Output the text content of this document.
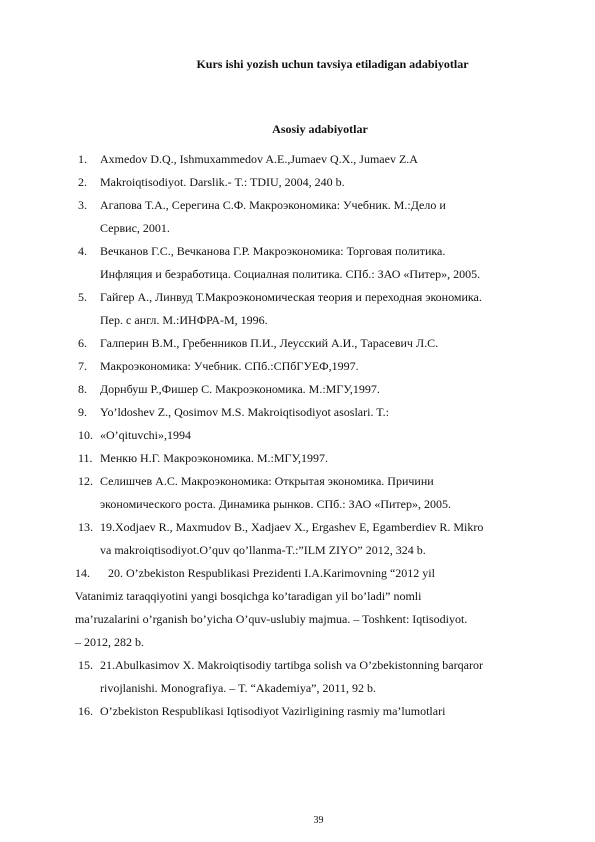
Kurs ishi yozish uchun tavsiya etiladigan adabiyotlar
Asosiy adabiyotlar
1.	Axmedov D.Q., Ishmuxammedov A.E.,Jumaev Q.X., Jumaev Z.A
2.	Makroiqtisodiyot. Darslik.- T.: TDIU, 2004, 240 b.
3.	Агапова Т.А., Серегина С.Ф. Макроэкономика: Учебник. М.:Дело и
Сервис, 2001.
4.	Вечканов Г.С., Вечканова Г.Р. Макроэкономика: Торговая политика.
Инфляция и безработица. Социалная политика. СПб.: ЗАО «Питер», 2005.
5.	Гайгер А., Линвуд Т.Макроэкономическая теория и переходная экономика.
Пер. с англ. М.:ИНФРА-М, 1996.
6.	Галперин В.М., Гребенников П.И., Леусский А.И., Тарасевич Л.С.
7.	Макроэкономика: Учебник. СПб.:СПбГУЕФ,1997.
8.	Дорнбуш Р.,Фишер С. Макроэкономика. М.:МГУ,1997.
9.	Yo’ldoshev Z., Qosimov M.S. Makroiqtisodiyot asoslari. T.:
10. «O’qituvchi»,1994
11. Менкю Н.Г. Макроэкономика. М.:МГУ,1997.
12. Селишчев А.С. Макроэкономика: Открытая экономика. Причини
экономического роста. Динамика рынков. СПб.: ЗАО «Питер», 2005.
13. 19.Xodjaev R., Maxmudov B., Xadjaev X., Ergashev E, Egamberdiev R. Mikro
va makroiqtisodiyot.O’quv qo’llanma-T.:”ILM ZIYO” 2012, 324 b.
14.      20. O’zbekiston Respublikasi Prezidenti I.A.Karimovning “2012 yil
Vatanimiz taraqqiyotini yangi bosqichga ko’taradigan yil bo’ladi” nomli
ma’ruzalarini o’rganish bo’yicha O’quv-uslubiy majmua. – Toshkent: Iqtisodiyot.
– 2012, 282 b.
15. 21.Abulkasimov X. Makroiqtisodiy tartibga solish va O’zbekistonning barqaror
rivojlanishi. Monografiya. – T. “Akademiya”, 2011, 92 b.
16. O’zbekiston Respublikasi Iqtisodiyot Vazirligining rasmiy ma’lumotlari
39
